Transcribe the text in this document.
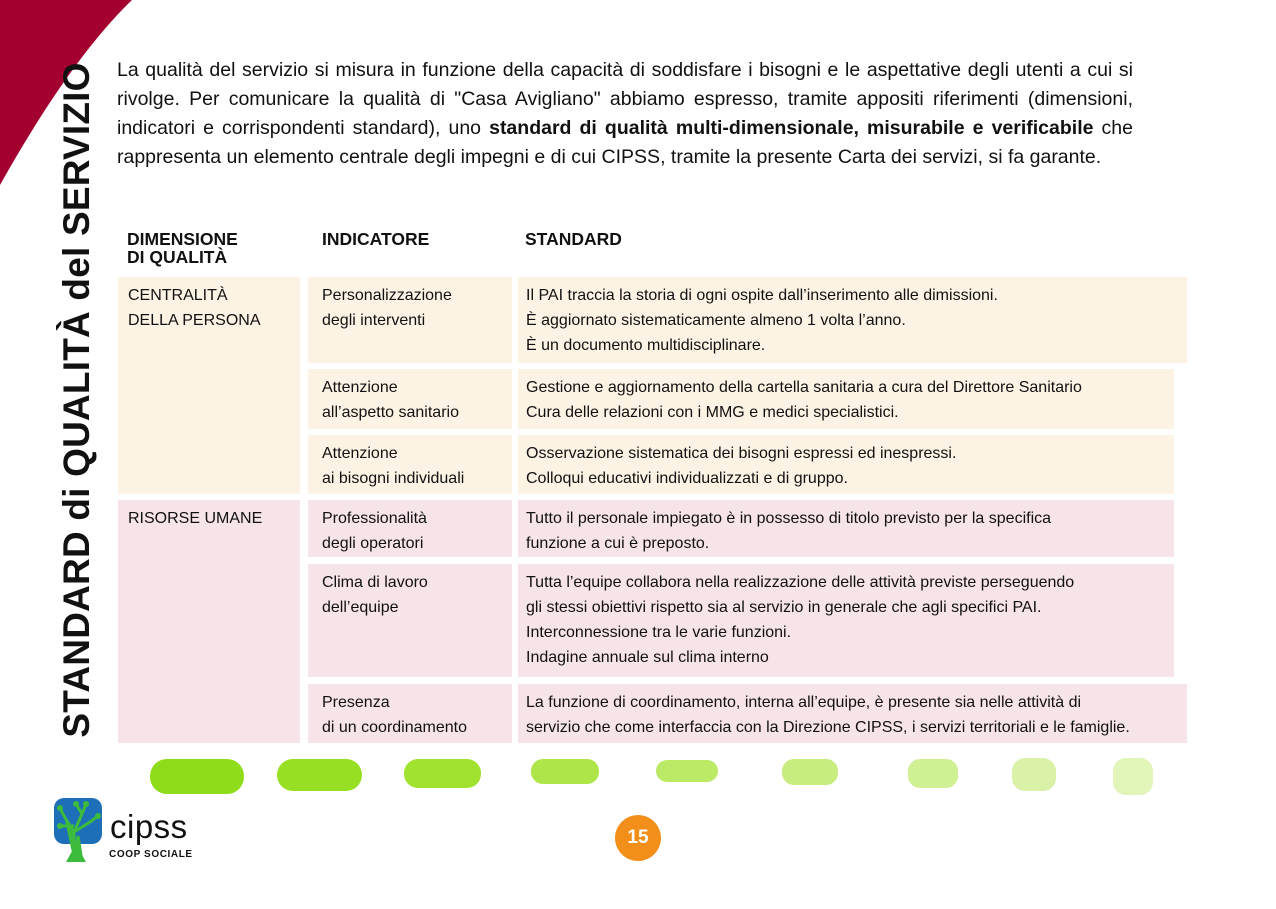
STANDARD di QUALITÀ del SERVIZIO La qualità del servizio si misura in funzione della capacità di soddisfare i bisogni e le aspettative degli utenti a cui si rivolge. Per comunicare la qualità di "Casa Avigliano" abbiamo espresso, tramite appositi riferimenti (dimensioni, indicatori e corrispondenti standard), uno standard di qualità multi-dimensionale, misurabile e verificabile che rappresenta un elemento centrale degli impegni e di cui CIPSS, tramite la presente Carta dei servizi, si fa garante.
DIMENSIONE
DI QUALITÀ
INDICATORE	STANDARD
CENTRALITÀ
DELLA PERSONA
Personalizzazione
degli interventi
Il PAI traccia la storia di ogni ospite dall’inserimento alle dimissioni.
È aggiornato sistematicamente almeno 1 volta l’anno.
È un documento multidisciplinare.
Attenzione
all’aspetto sanitario
Gestione e aggiornamento della cartella sanitaria a cura del Direttore Sanitario
Cura delle relazioni con i MMG e medici specialistici.
Attenzione
ai bisogni individuali
Osservazione sistematica dei bisogni espressi ed inespressi.
Colloqui educativi individualizzati e di gruppo.
RISORSE UMANE	Professionalità
degli operatori
Tutto il personale impiegato è in possesso di titolo previsto per la specifica
funzione a cui è preposto.
Clima di lavoro
dell’equipe
Tutta l’equipe collabora nella realizzazione delle attività previste perseguendo
gli stessi obiettivi rispetto sia al servizio in generale che agli specifici PAI.
Interconnessione tra le varie funzioni.
Indagine annuale sul clima interno
Presenza
di un coordinamento
La funzione di coordinamento, interna all’equipe, è presente sia nelle attività di
servizio che come interfaccia con la Direzione CIPSS, i servizi territoriali e le famiglie.
cipss
COOP SOCIALE
15
